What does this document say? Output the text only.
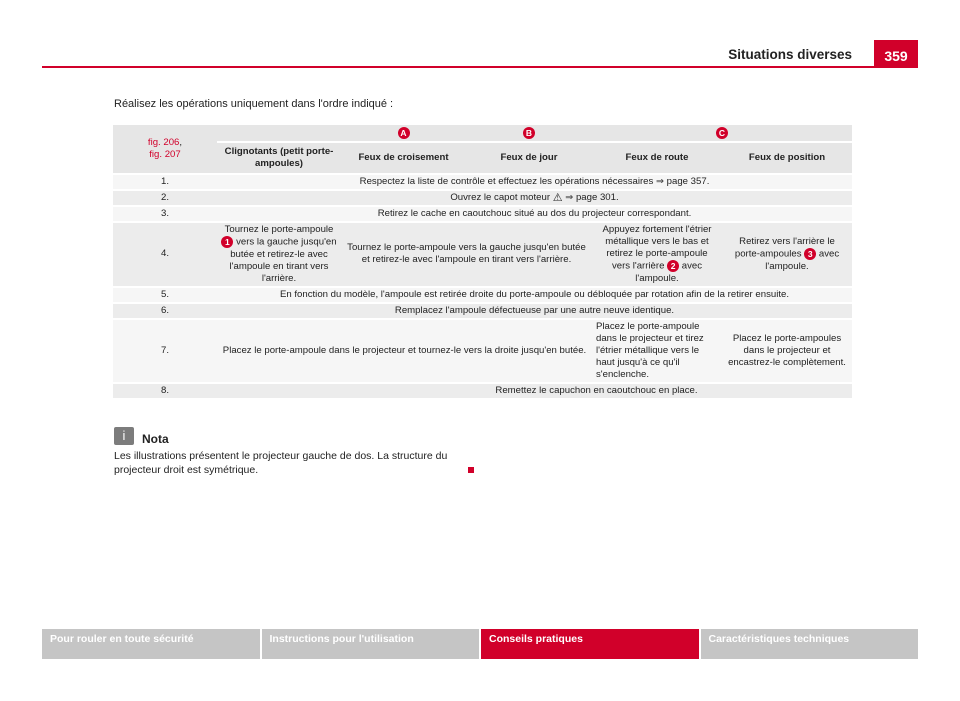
Situations diverses	359
Réalisez les opérations uniquement dans l'ordre indiqué :
fig. 206,
fig. 207		A	B	C	
	Clignotants (petit porte-ampoules)	Feux de croisement	Feux de jour	Feux de route	Feux de position
1.	Respectez la liste de contrôle et effectuez les opérations nécessaires ⇒ page 357.				
2.	Ouvrez le capot moteur ⚠ ⇒ page 301.				
3.	Retirez le cache en caoutchouc situé au dos du projecteur correspondant.				
4.	Tournez le porte-ampoule 1 vers la gauche jusqu'en butée et retirez-le avec l'ampoule en tirant vers l'arrière.	Tournez le porte-ampoule vers la gauche jusqu'en butée et retirez-le avec l'ampoule en tirant vers l'arrière.		Appuyez fortement l'étrier métallique vers le bas et retirez le porte-ampoule vers l'arrière 2 avec l'ampoule.	Retirez vers l'arrière le porte-ampoules 3 avec l'ampoule.
5.	En fonction du modèle, l'ampoule est retirée droite du porte-ampoule ou débloquée par rotation afin de la retirer ensuite.				
6.	Remplacez l'ampoule défectueuse par une autre neuve identique.				
7.	Placez le porte-ampoule dans le projecteur et tournez-le vers la droite jusqu'en butée.			Placez le porte-ampoule dans le projecteur et tirez l'étrier métallique vers le haut jusqu'à ce qu'il s'enclenche.	Placez le porte-ampoules dans le projecteur et encastrez-le complètement.
8.		Remettez le capuchon en caoutchouc en place.			
i	Nota
Les illustrations présentent le projecteur gauche de dos. La structure du projecteur droit est symétrique.
Pour rouler en toute sécurité	Instructions pour l'utilisation	Conseils pratiques	Caractéristiques techniques
